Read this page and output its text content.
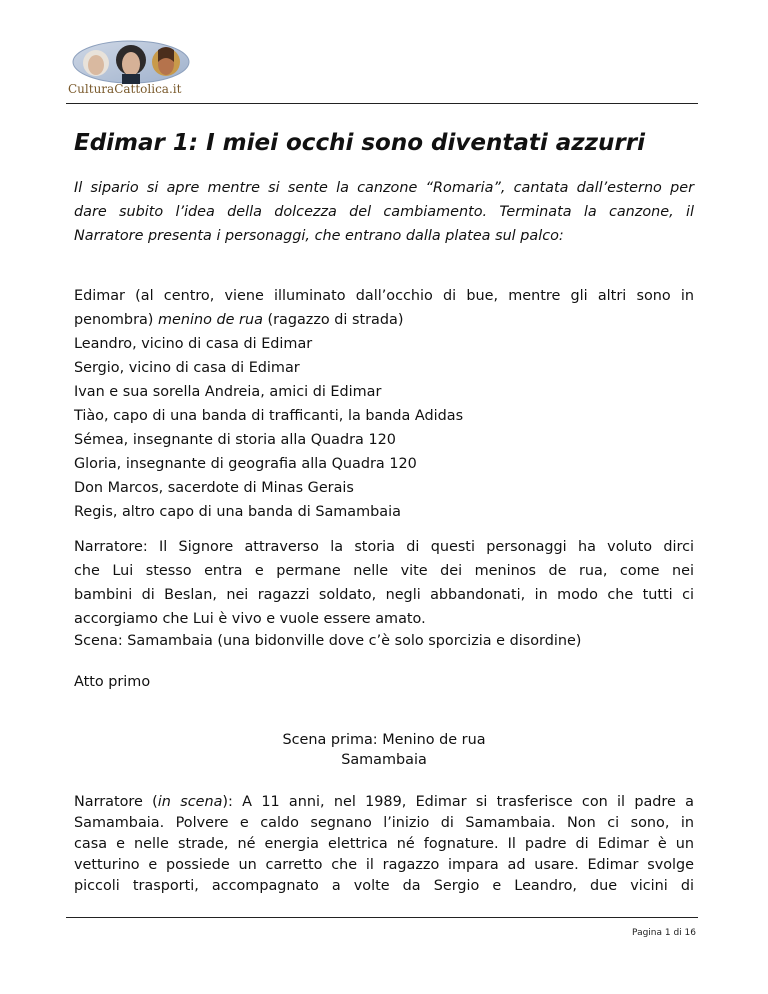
CulturaCattolica.it
Edimar 1: I miei occhi sono diventati azzurri
Il sipario si apre mentre si sente la canzone “Romaria”, cantata dall’esterno per
dare subito l’idea della dolcezza del cambiamento. Terminata la canzone, il
Narratore presenta i personaggi, che entrano dalla platea sul palco:
Edimar (al centro, viene illuminato dall’occhio di bue, mentre gli altri sono in
penombra) menino de rua (ragazzo di strada)
Leandro, vicino di casa di Edimar
Sergio, vicino di casa di Edimar
Ivan e sua sorella Andreia, amici di Edimar
Tiào, capo di una banda di trafficanti, la banda Adidas
Sémea, insegnante di storia alla Quadra 120
Gloria, insegnante di geografia alla Quadra 120
Don Marcos, sacerdote di Minas Gerais
Regis, altro capo di una banda di Samambaia
Narratore: Il Signore attraverso la storia di questi personaggi ha voluto dirci
che Lui stesso entra e permane nelle vite dei meninos de rua, come nei
bambini di Beslan, nei ragazzi soldato, negli abbandonati, in modo che tutti ci
accorgiamo che Lui è vivo e vuole essere amato.
Scena: Samambaia (una bidonville dove c’è solo sporcizia e disordine)
Atto primo
Scena prima: Menino de rua
Samambaia
Narratore (in scena): A 11 anni, nel 1989, Edimar si trasferisce con il padre a
Samambaia. Polvere e caldo segnano l’inizio di Samambaia. Non ci sono, in
casa e nelle strade, né energia elettrica né fognature. Il padre di Edimar è un
vetturino e possiede un carretto che il ragazzo impara ad usare. Edimar svolge
piccoli trasporti, accompagnato a volte da Sergio e Leandro, due vicini di
Pagina 1 di 16
